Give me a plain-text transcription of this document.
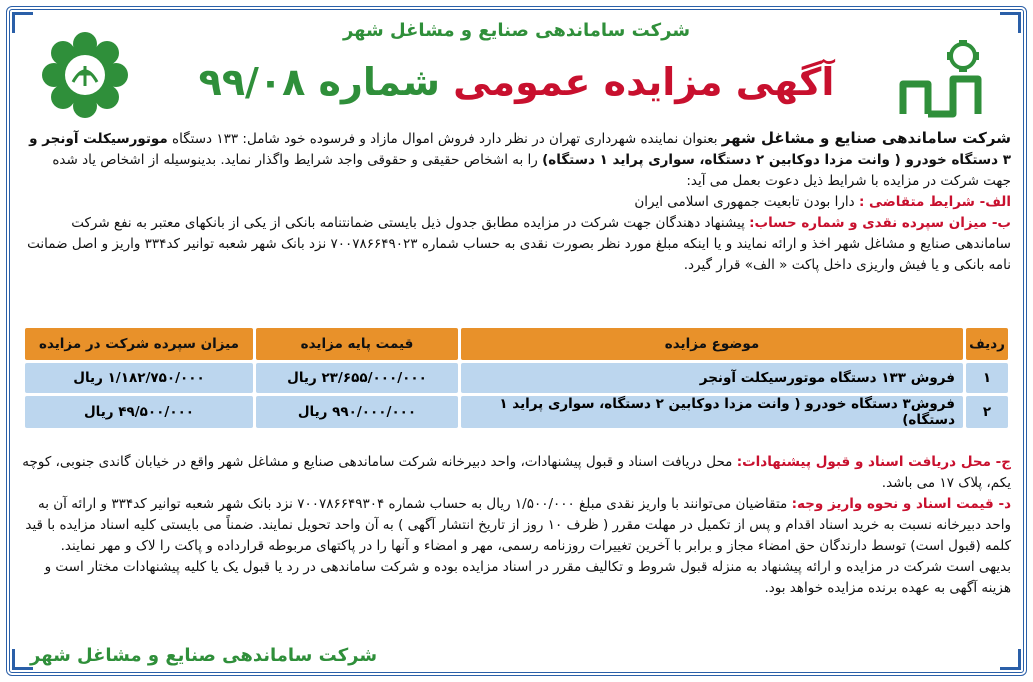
شرکت ساماندهی صنایع و مشاغل شهر
آگهی مزایده عمومی شماره ۹۹/۰۸

شرکت ساماندهی صنایع و مشاغل شهر بعنوان نماینده شهرداری تهران در نظر دارد فروش اموال مازاد و فرسوده خود شامل: ۱۳۳ دستگاه موتورسیکلت آونجر و ۳ دستگاه خودرو ( وانت مزدا دوکابین ۲ دستگاه، سواری پراید ۱ دستگاه) را به اشخاص حقیقی و حقوقی واجد شرایط واگذار نماید. بدینوسیله از اشخاص یاد شده جهت شرکت در مزایده با شرایط ذیل دعوت بعمل می آید:

الف- شرایط متقاضی : دارا بودن تابعیت جمهوری اسلامی ایران

ب- میزان سپرده نقدی و شماره حساب: پیشنهاد دهندگان جهت شرکت در مزایده مطابق جدول ذیل بایستی ضمانتنامه بانکی از یکی از بانکهای معتبر به نفع شرکت ساماندهی صنایع و مشاغل شهر اخذ و ارائه نمایند و یا اینکه مبلغ مورد نظر بصورت نقدی به حساب شماره ۷۰۰۷۸۶۶۴۹۰۲۳ نزد بانک شهر شعبه توانیر کد۳۳۴ واریز و اصل ضمانت نامه بانکی و یا فیش واریزی داخل پاکت « الف» قرار گیرد.

ردیف	موضوع مزایده	قیمت پایه مزایده	میزان سپرده شرکت در مزایده
۱	فروش ۱۳۳ دستگاه موتورسیکلت آونجر	۲۳/۶۵۵/۰۰۰/۰۰۰ ریال	۱/۱۸۲/۷۵۰/۰۰۰ ریال
۲	فروش۳ دستگاه خودرو ( وانت مزدا دوکابین ۲ دستگاه، سواری پراید ۱ دستگاه)	۹۹۰/۰۰۰/۰۰۰ ریال	۴۹/۵۰۰/۰۰۰ ریال

ج- محل دریافت اسناد و قبول پیشنهادات: محل دریافت اسناد و قبول پیشنهادات، واحد دبیرخانه شرکت ساماندهی صنایع و مشاغل شهر واقع در خیابان گاندی جنوبی، کوچه یکم، پلاک ۱۷ می باشد.

د- قیمت اسناد و نحوه واریز وجه: متقاضیان می‌توانند با واریز نقدی مبلغ ۱/۵۰۰/۰۰۰ ریال به حساب شماره ۷۰۰۷۸۶۶۴۹۳۰۴ نزد بانک شهر شعبه توانیر کد۳۳۴ و ارائه آن به واحد دبیرخانه نسبت به خرید اسناد اقدام و پس از تکمیل در مهلت مقرر ( ظرف ۱۰ روز از تاریخ انتشار آگهی ) به آن واحد تحویل نمایند. ضمناً می بایستی کلیه اسناد مزایده با قید کلمه (قبول است) توسط دارندگان حق امضاء مجاز و برابر با آخرین تغییرات روزنامه رسمی، مهر و امضاء و آنها را در پاکتهای مربوطه قرارداده و پاکت را لاک و مهر نمایند.

بدیهی است شرکت در مزایده و ارائه پیشنهاد به منزله قبول شروط و تکالیف مقرر در اسناد مزایده بوده و شرکت ساماندهی در رد یا قبول یک یا کلیه پیشنهادات مختار است و هزینه آگهی به عهده برنده مزایده خواهد بود.

شرکت ساماندهی صنایع و مشاغل شهر
